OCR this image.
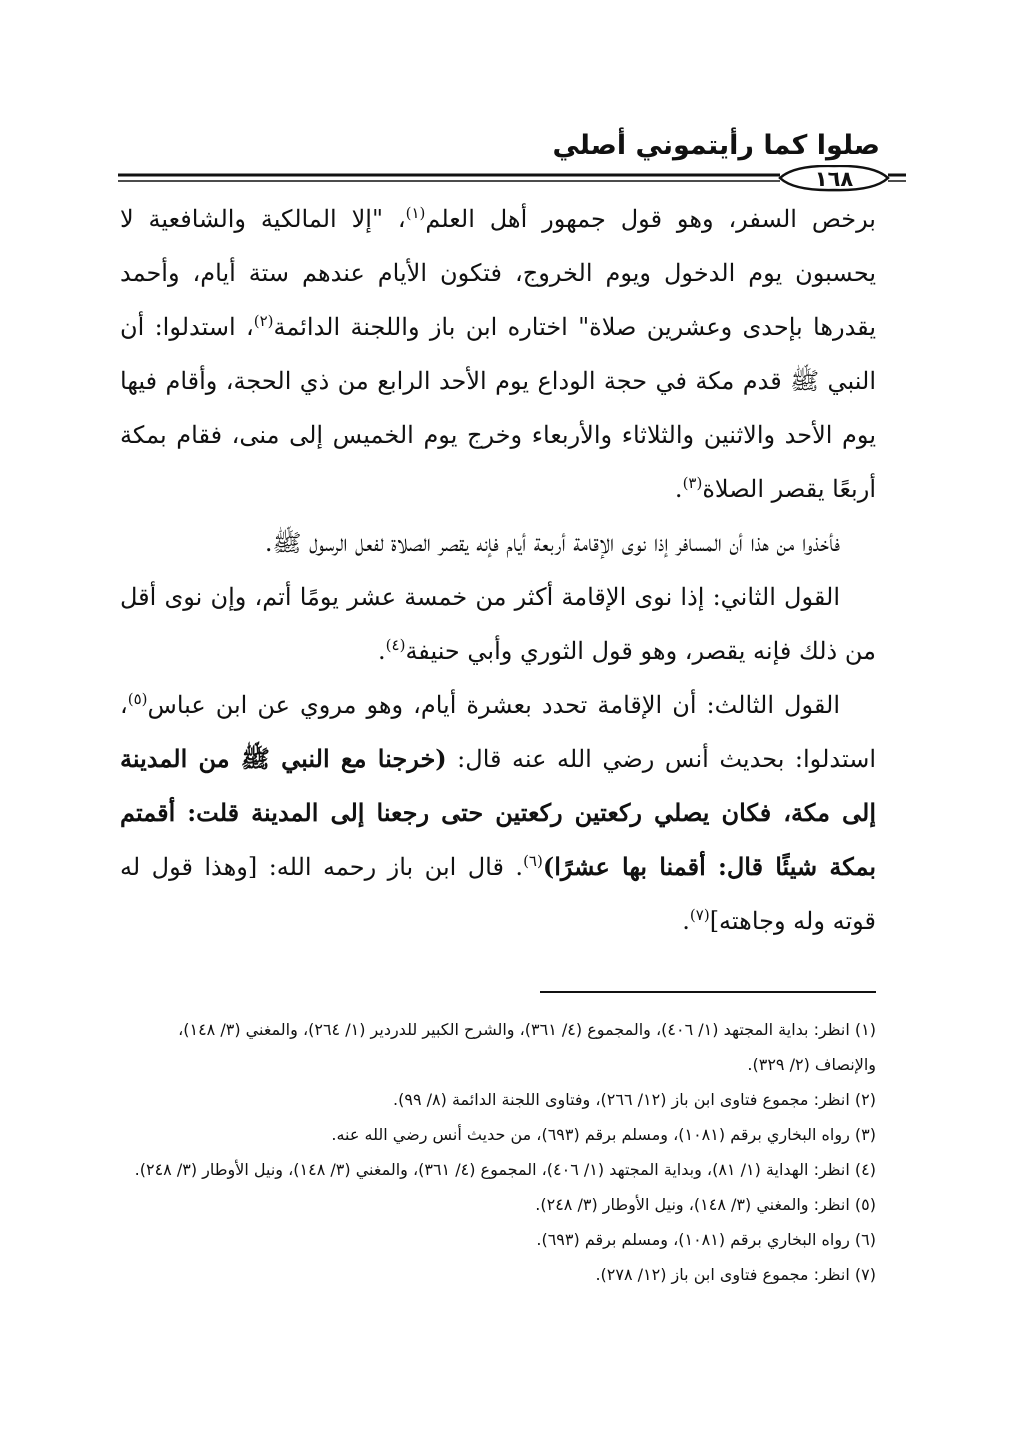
صلوا كما رأيتموني أصلي
١٦٨

برخص السفر، وهو قول جمهور أهل العلم$^{(١)}$، "إلا المالكية والشافعية لا يحسبون يوم الدخول ويوم الخروج، فتكون الأيام عندهم ستة أيام، وأحمد يقدرها بإحدى وعشرين صلاة" اختاره ابن باز واللجنة الدائمة$^{(٢)}$، استدلوا: أن النبي ﷺ قدم مكة في حجة الوداع يوم الأحد الرابع من ذي الحجة، وأقام فيها يوم الأحد والاثنين والثلاثاء والأربعاء وخرج يوم الخميس إلى منى، فقام بمكة أربعًا يقصر الصلاة$^{(٣)}$.

فأخذوا من هذا أن المسافر إذا نوى الإقامة أربعة أيام فإنه يقصر الصلاة لفعل الرسول ﷺ.

القول الثاني: إذا نوى الإقامة أكثر من خمسة عشر يومًا أتم، وإن نوى أقل من ذلك فإنه يقصر، وهو قول الثوري وأبي حنيفة$^{(٤)}$.

القول الثالث: أن الإقامة تحدد بعشرة أيام، وهو مروي عن ابن عباس$^{(٥)}$، استدلوا: بحديث أنس رضي الله عنه قال: (خرجنا مع النبي ﷺ من المدينة إلى مكة، فكان يصلي ركعتين ركعتين حتى رجعنا إلى المدينة قلت: أقمتم بمكة شيئًا قال: أقمنا بها عشرًا)$^{(٦)}$. قال ابن باز رحمه الله: [وهذا قول له قوته وله وجاهته]$^{(٧)}$.

(١) انظر: بداية المجتهد (١/ ٤٠٦)، والمجموع (٤/ ٣٦١)، والشرح الكبير للدردير (١/ ٢٦٤)، والمغني (٣/ ١٤٨)، والإنصاف (٢/ ٣٢٩).

(٢) انظر: مجموع فتاوى ابن باز (١٢/ ٢٦٦)، وفتاوى اللجنة الدائمة (٨/ ٩٩).

(٣) رواه البخاري برقم (١٠٨١)، ومسلم برقم (٦٩٣)، من حديث أنس رضي الله عنه.

(٤) انظر: الهداية (١/ ٨١)، وبداية المجتهد (١/ ٤٠٦)، المجموع (٤/ ٣٦١)، والمغني (٣/ ١٤٨)، ونيل الأوطار (٣/ ٢٤٨).

(٥) انظر: والمغني (٣/ ١٤٨)، ونيل الأوطار (٣/ ٢٤٨).

(٦) رواه البخاري برقم (١٠٨١)، ومسلم برقم (٦٩٣).

(٧) انظر: مجموع فتاوى ابن باز (١٢/ ٢٧٨).
